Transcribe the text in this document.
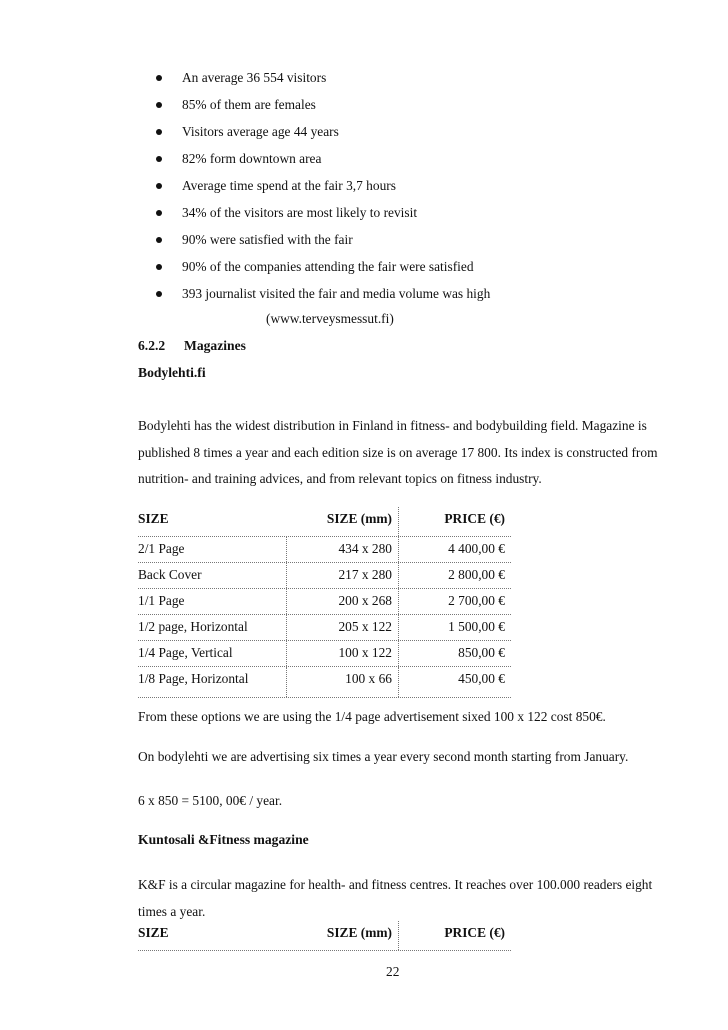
An average 36 554 visitors
85% of them are females
Visitors average age 44 years
82% form downtown area
Average time spend at the fair 3,7 hours
34% of the visitors are most likely to revisit
90% were satisfied with the fair
90% of the companies attending the fair were satisfied
393 journalist visited the fair and media volume was high
(www.terveysmessut.fi)
6.2.2 Magazines
Bodylehti.fi
Bodylehti has the widest distribution in Finland in fitness- and bodybuilding field. Magazine is published 8 times a year and each edition size is on average 17 800. Its index is constructed from nutrition- and training advices, and from relevant topics on fitness industry.
SIZE	SIZE (mm)	PRICE (€)
2/1 Page	434 x 280	4 400,00 €
Back Cover	217 x 280	2 800,00 €
1/1 Page	200 x 268	2 700,00 €
1/2 page, Horizontal	205 x 122	1 500,00 €
1/4 Page, Vertical	100 x 122	850,00 €
1/8 Page, Horizontal	100 x 66	450,00 €
From these options we are using the 1/4 page advertisement sixed 100 x 122 cost 850€.
On bodylehti we are advertising six times a year every second month starting from January.
6 x 850 = 5100, 00€ / year.
Kuntosali &Fitness magazine
K&F is a circular magazine for health- and fitness centres. It reaches over 100.000 readers eight times a year.
SIZE	SIZE (mm)	PRICE (€)
22
